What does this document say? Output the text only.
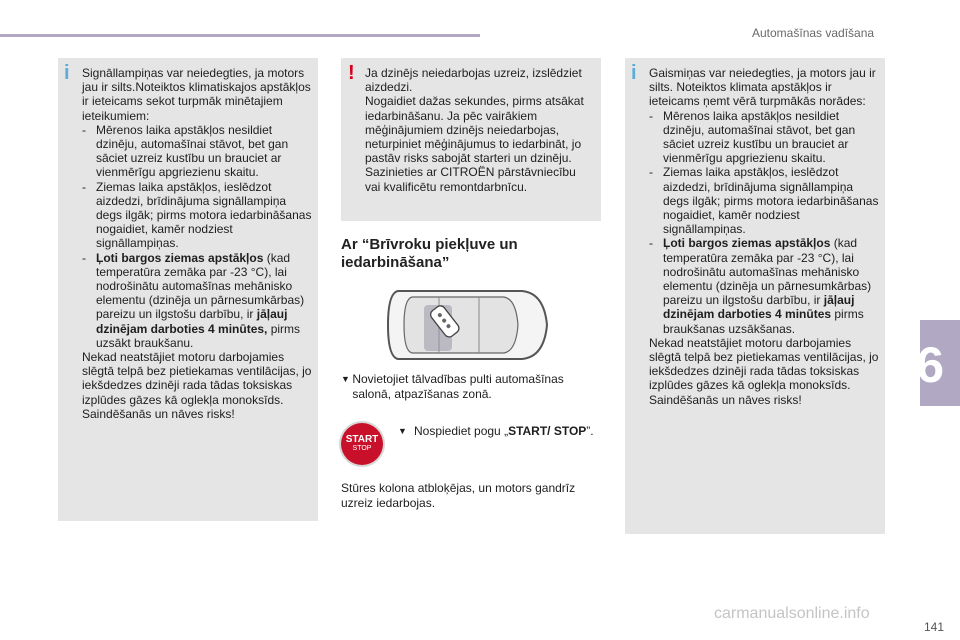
Automašīnas vadīšana
i Signāllampiņas var neiedegties, ja motors jau ir silts.Noteiktos klimatiskajos apstākļos ir ieteicams sekot turpmāk minētajiem ieteikumiem:

-   Mērenos laika apstākļos nesildiet dzinēju, automašīnai stāvot, bet gan sāciet uzreiz kustību un brauciet ar vienmērīgu apgriezienu skaitu.

-   Ziemas laika apstākļos, ieslēdzot aizdedzi, brīdinājuma signāllampiņa degs ilgāk; pirms motora iedarbināšanas nogaidiet, kamēr nodziest signāllampiņas.

-   Ļoti bargos ziemas apstākļos (kad temperatūra zemāka par -23 °C), lai nodrošinātu automašīnas mehānisko elementu (dzinēja un pārnesumkārbas) pareizu un ilgstošu darbību, ir jāļauj dzinējam darboties 4 minūtes, pirms uzsākt braukšanu.

Nekad neatstājiet motoru darbojamies slēgtā telpā bez pietiekamas ventilācijas, jo iekšdedzes dzinēji rada tādas toksiskas izplūdes gāzes kā oglekļa monoksīds. Saindēšanās un nāves risks!

! Ja dzinējs neiedarbojas uzreiz, izslēdziet aizdedzi.

Nogaidiet dažas sekundes, pirms atsākat iedarbināšanu. Ja pēc vairākiem mēģinājumiem dzinējs neiedarbojas, neturpiniet mēģinājumus to iedarbināt, jo pastāv risks sabojāt starteri un dzinēju.

Sazinieties ar CITROËN pārstāvniecību vai kvalificētu remontdarbnīcu.

Ar “Brīvroku piekļuve un
iedarbināšana”
▼ Novietojiet tālvadības pulti automašīnas salonā, atpazīšanas zonā.
START
STOP
▼ Nospiediet pogu „START/ STOP”.
Stūres kolona atbloķējas, un motors gandrīz uzreiz iedarbojas.
i Gaismiņas var neiedegties, ja motors jau ir silts. Noteiktos klimata apstākļos ir ieteicams ņemt vērā turpmākās norādes:

-   Mērenos laika apstākļos nesildiet dzinēju, automašīnai stāvot, bet gan sāciet uzreiz kustību un brauciet ar vienmērīgu apgriezienu skaitu.

-   Ziemas laika apstākļos, ieslēdzot aizdedzi, brīdinājuma signāllampiņa degs ilgāk; pirms motora iedarbināšanas nogaidiet, kamēr nodziest signāllampiņas.

-   Ļoti bargos ziemas apstākļos (kad temperatūra zemāka par -23 °C), lai nodrošinātu automašīnas mehānisko elementu (dzinēja un pārnesumkārbas) pareizu un ilgstošu darbību, ir jāļauj dzinējam darboties 4 minūtes pirms braukšanas uzsākšanas.

Nekad neatstājiet motoru darbojamies slēgtā telpā bez pietiekamas ventilācijas, jo iekšdedzes dzinēji rada tādas toksiskas izplūdes gāzes kā oglekļa monoksīds. Saindēšanās un nāves risks!

6
carmanualsonline.info
141
